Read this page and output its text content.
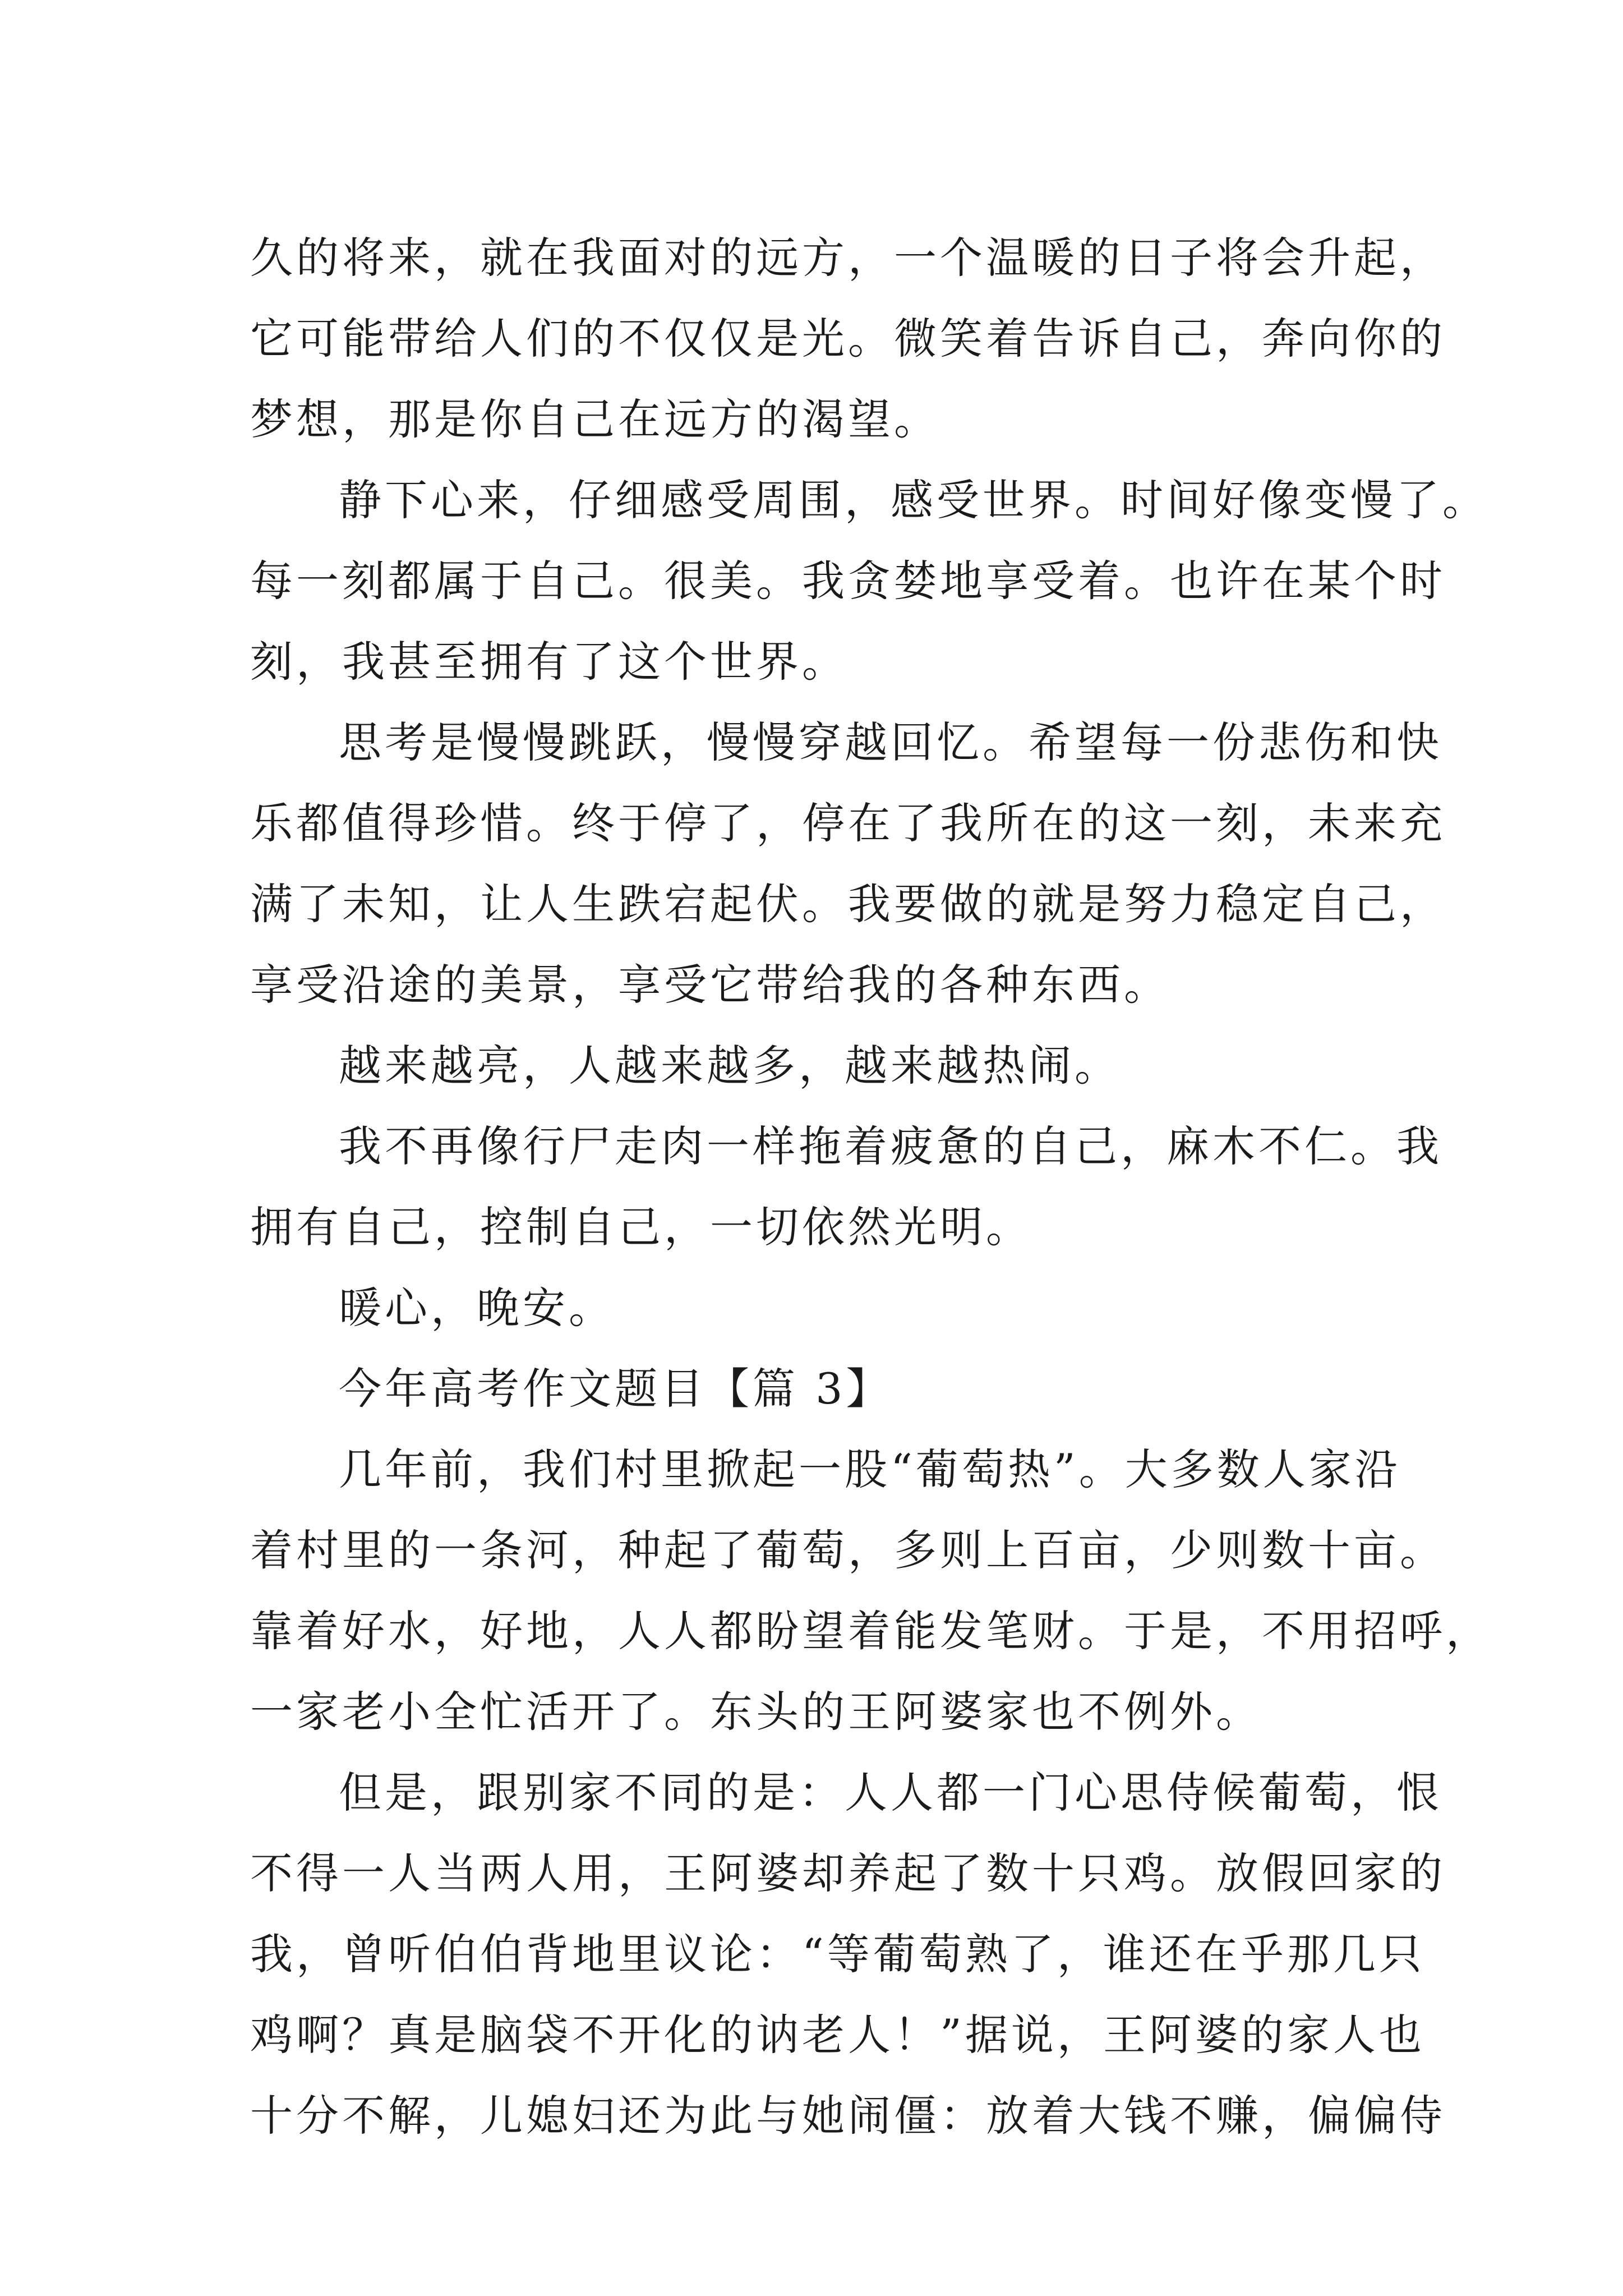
久的将来，就在我面对的远方，一个温暖的日子将会升起，
它可能带给人们的不仅仅是光。微笑着告诉自己，奔向你的
梦想，那是你自己在远方的渴望。
静下心来，仔细感受周围，感受世界。时间好像变慢了。
每一刻都属于自己。很美。我贪婪地享受着。也许在某个时
刻，我甚至拥有了这个世界。
思考是慢慢跳跃，慢慢穿越回忆。希望每一份悲伤和快
乐都值得珍惜。终于停了，停在了我所在的这一刻，未来充
满了未知，让人生跌宕起伏。我要做的就是努力稳定自己，
享受沿途的美景，享受它带给我的各种东西。
越来越亮，人越来越多，越来越热闹。
我不再像行尸走肉一样拖着疲惫的自己，麻木不仁。我
拥有自己，控制自己，一切依然光明。
暖心，晚安。
今年高考作文题目【篇 3】
几年前，我们村里掀起一股“葡萄热”。大多数人家沿
着村里的一条河，种起了葡萄，多则上百亩，少则数十亩。
靠着好水，好地，人人都盼望着能发笔财。于是，不用招呼，
一家老小全忙活开了。东头的王阿婆家也不例外。
但是，跟别家不同的是：人人都一门心思侍候葡萄，恨
不得一人当两人用，王阿婆却养起了数十只鸡。放假回家的
我，曾听伯伯背地里议论：“等葡萄熟了，谁还在乎那几只
鸡啊？真是脑袋不开化的讷老人！”据说，王阿婆的家人也
十分不解，儿媳妇还为此与她闹僵：放着大钱不赚，偏偏侍
